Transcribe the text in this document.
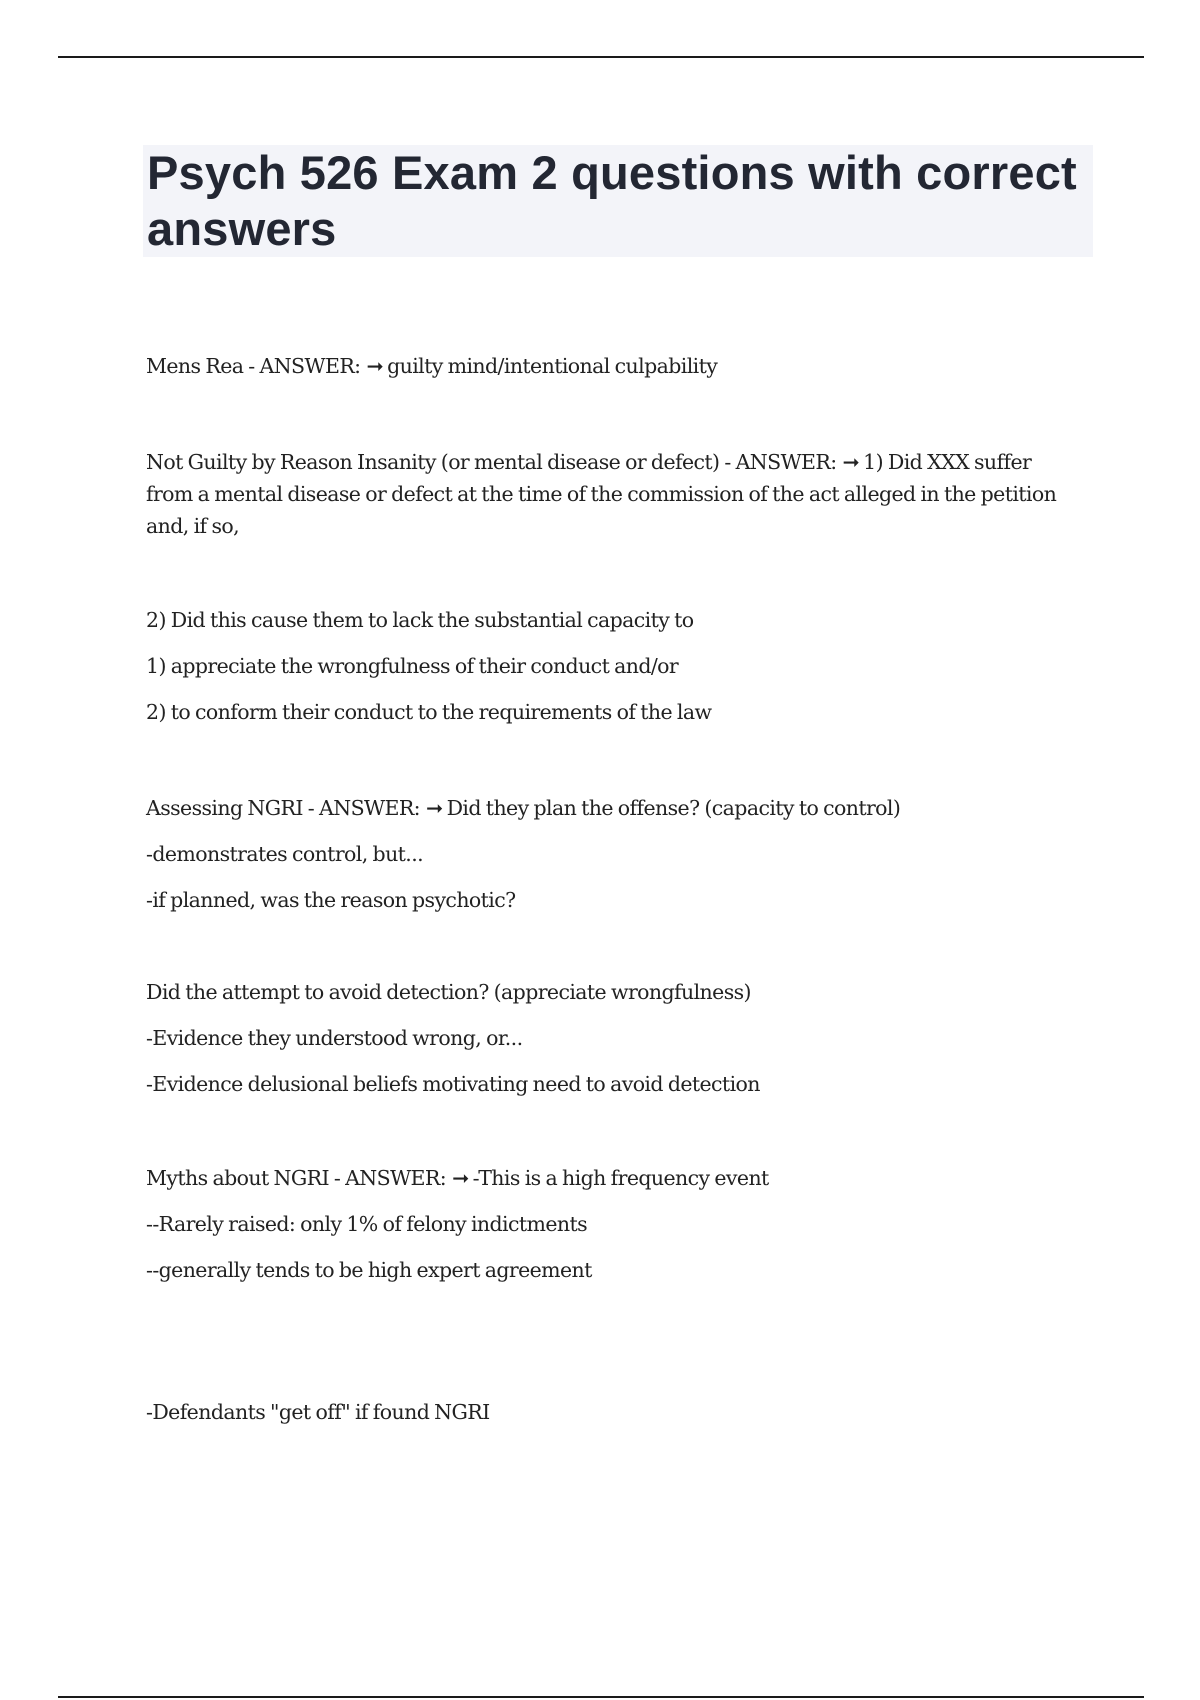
Psych 526 Exam 2 questions with correct answers

Mens Rea - ANSWER: ➞ guilty mind/intentional culpability

Not Guilty by Reason Insanity (or mental disease or defect) - ANSWER: ➞ 1) Did XXX suffer from a mental disease or defect at the time of the commission of the act alleged in the petition and, if so,

2) Did this cause them to lack the substantial capacity to

1) appreciate the wrongfulness of their conduct and/or

2) to conform their conduct to the requirements of the law

Assessing NGRI - ANSWER: ➞ Did they plan the offense? (capacity to control)

-demonstrates control, but...

-if planned, was the reason psychotic?

Did the attempt to avoid detection? (appreciate wrongfulness)

-Evidence they understood wrong, or...

-Evidence delusional beliefs motivating need to avoid detection

Myths about NGRI - ANSWER: ➞ -This is a high frequency event

--Rarely raised: only 1% of felony indictments

--generally tends to be high expert agreement

-Defendants "get off" if found NGRI
